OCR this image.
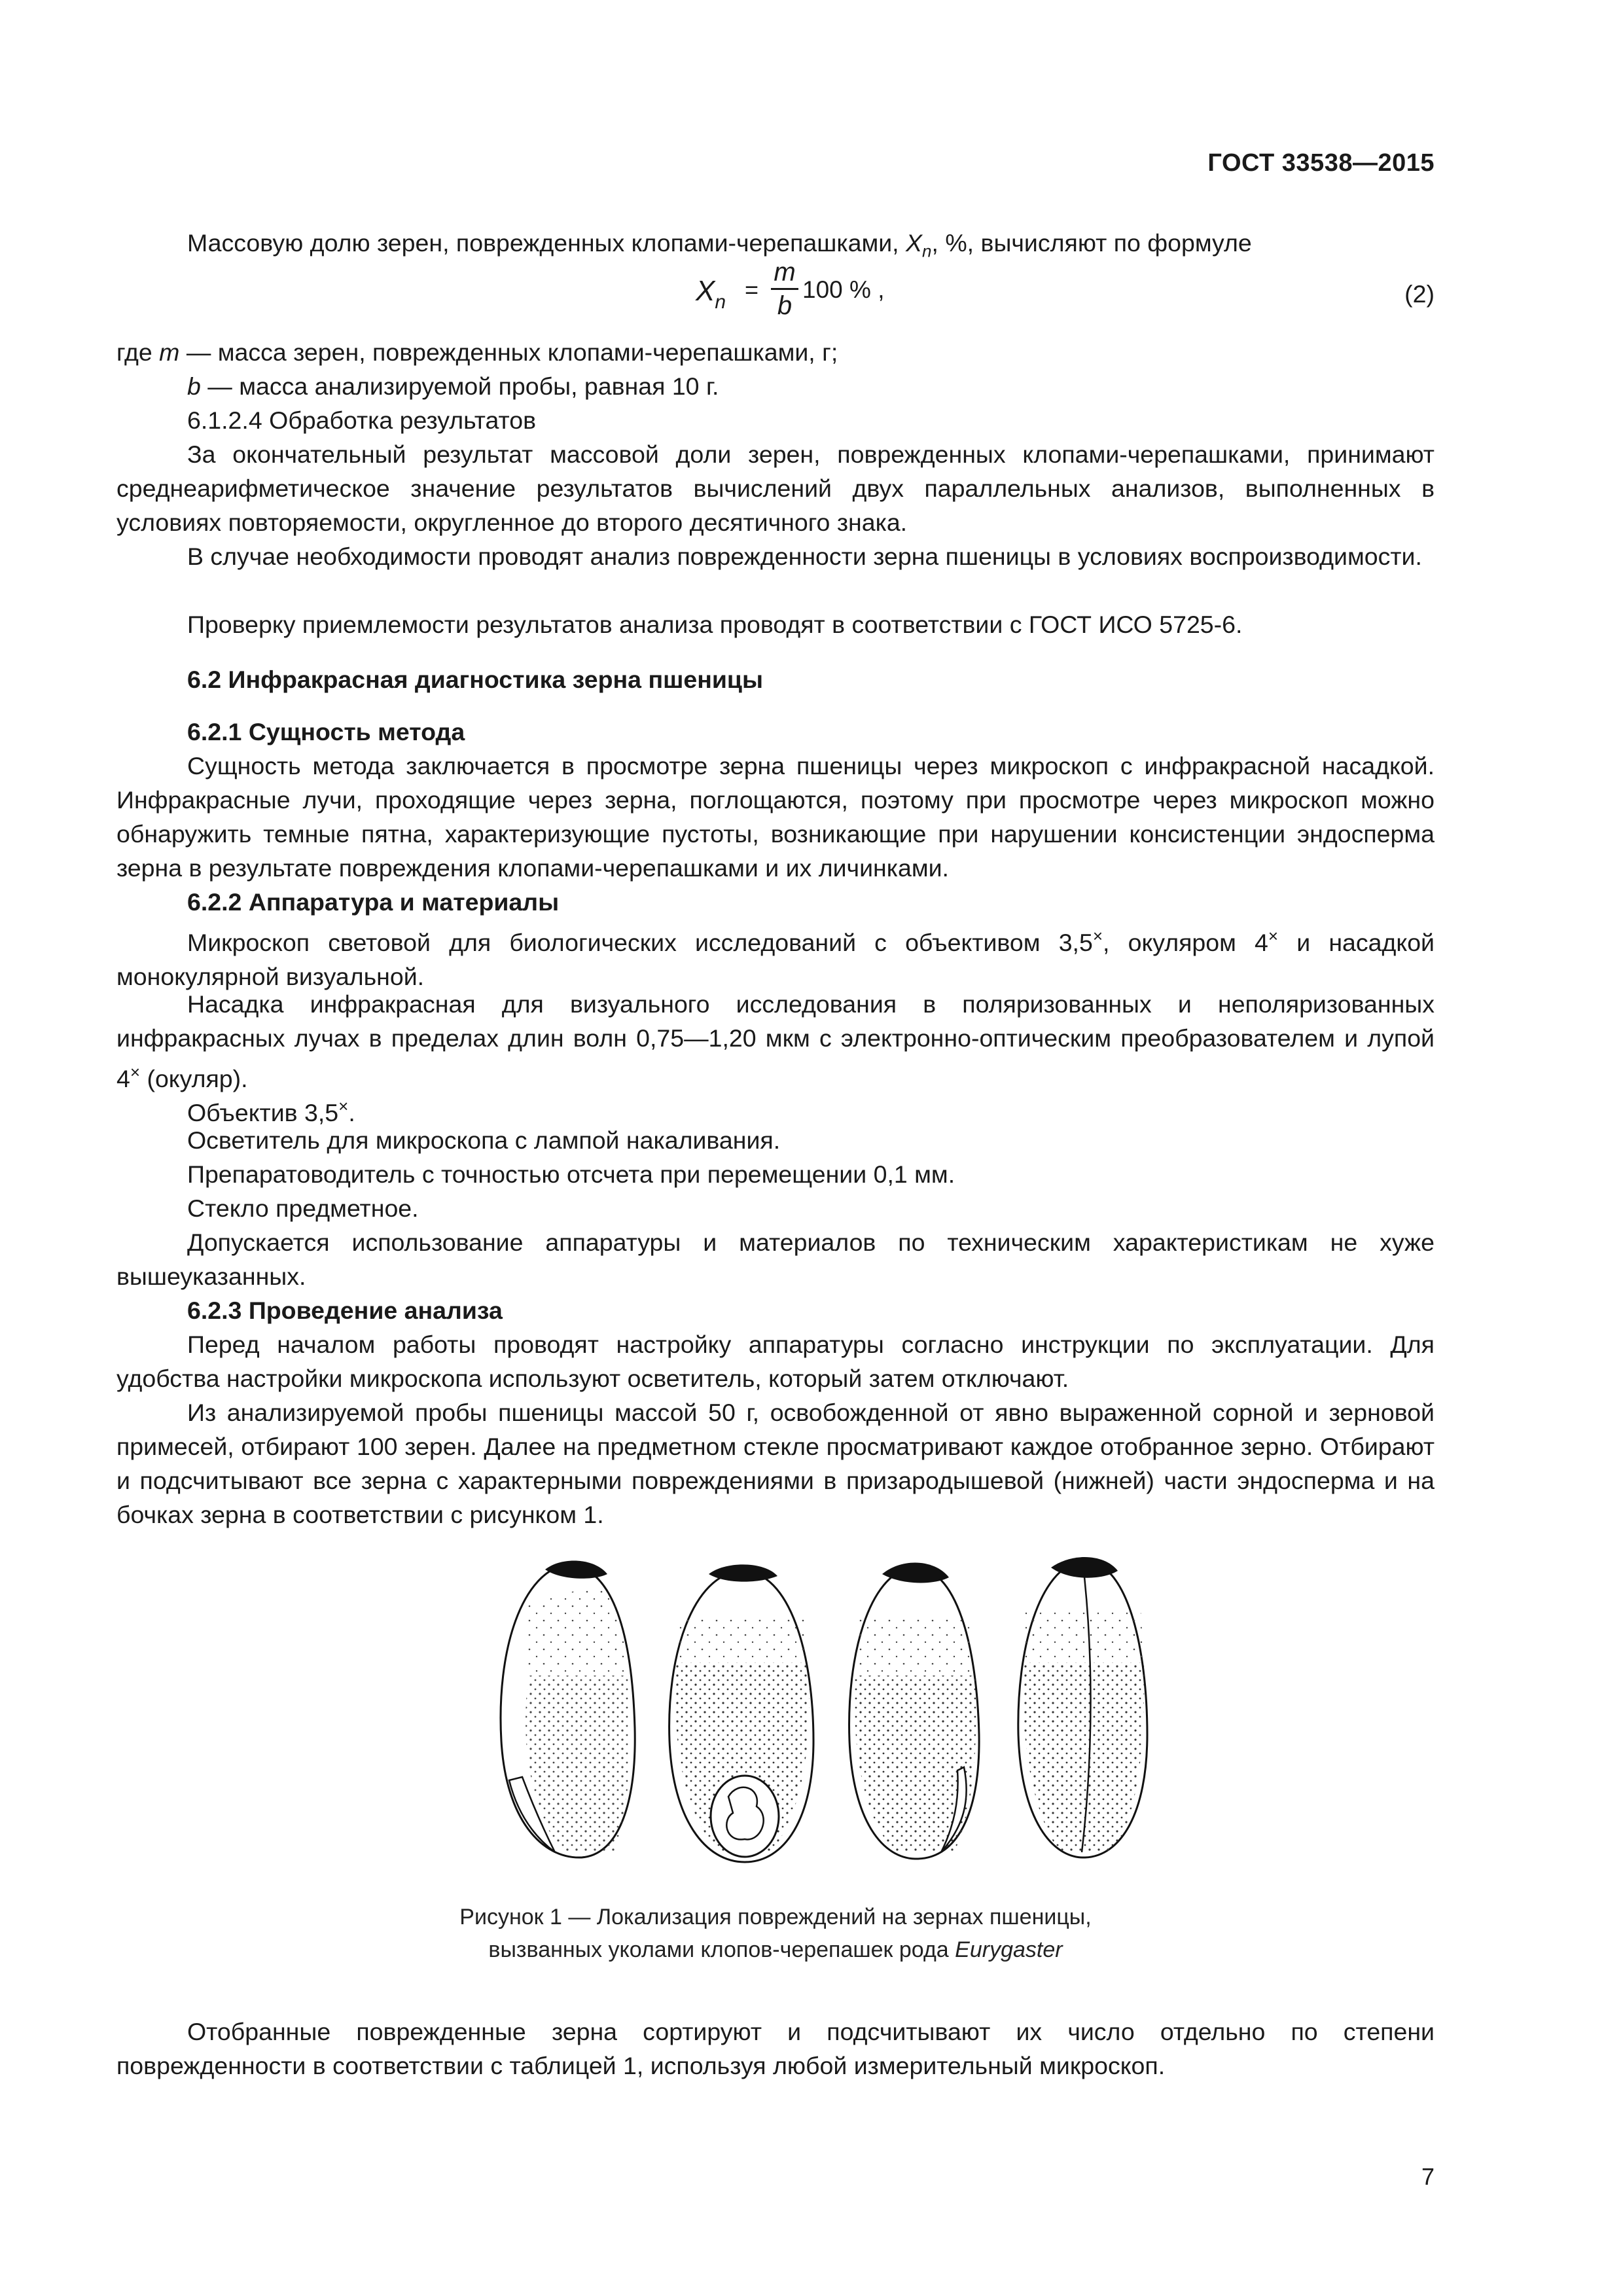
ГОСТ 33538—2015

Массовую долю зерен, поврежденных клопами-черепашками, $X_n$, %, вычисляют по формуле

$X_n$ =
m
b
100 % ,	(2)

где m — масса зерен, поврежденных клопами-черепашками, г;

b — масса анализируемой пробы, равная 10 г.

6.1.2.4 Обработка результатов

За окончательный результат массовой доли зерен, поврежденных клопами-черепашками, принимают среднеарифметическое значение результатов вычислений двух параллельных анализов, выполненных в условиях повторяемости, округленное до второго десятичного знака.

В случае необходимости проводят анализ поврежденности зерна пшеницы в условиях воспроизводимости.

Проверку приемлемости результатов анализа проводят в соответствии с ГОСТ ИСО 5725-6.

6.2 Инфракрасная диагностика зерна пшеницы

6.2.1 Сущность метода

Сущность метода заключается в просмотре зерна пшеницы через микроскоп с инфракрасной насадкой. Инфракрасные лучи, проходящие через зерна, поглощаются, поэтому при просмотре через микроскоп можно обнаружить темные пятна, характеризующие пустоты, возникающие при нарушении консистенции эндосперма зерна в результате повреждения клопами-черепашками и их личинками.

6.2.2 Аппаратура и материалы

Микроскоп световой для биологических исследований с объективом 3,5×, окуляром 4× и насадкой монокулярной визуальной.

Насадка инфракрасная для визуального исследования в поляризованных и неполяризованных инфракрасных лучах в пределах длин волн 0,75—1,20 мкм с электронно-оптическим преобразователем и лупой 4× (окуляр).

Объектив 3,5×.

Осветитель для микроскопа с лампой накаливания.

Препаратоводитель с точностью отсчета при перемещении 0,1 мм.

Стекло предметное.

Допускается использование аппаратуры и материалов по техническим характеристикам не хуже вышеуказанных.

6.2.3 Проведение анализа

Перед началом работы проводят настройку аппаратуры согласно инструкции по эксплуатации. Для удобства настройки микроскопа используют осветитель, который затем отключают.

Из анализируемой пробы пшеницы массой 50 г, освобожденной от явно выраженной сорной и зерновой примесей, отбирают 100 зерен. Далее на предметном стекле просматривают каждое отобранное зерно. Отбирают и подсчитывают все зерна с характерными повреждениями в призародышевой (нижней) части эндосперма и на бочках зерна в соответствии с рисунком 1.

Рисунок 1 — Локализация повреждений на зернах пшеницы,
вызванных уколами клопов-черепашек рода Eurygaster

Отобранные поврежденные зерна сортируют и подсчитывают их число отдельно по степени поврежденности в соответствии с таблицей 1, используя любой измерительный микроскоп.

7
